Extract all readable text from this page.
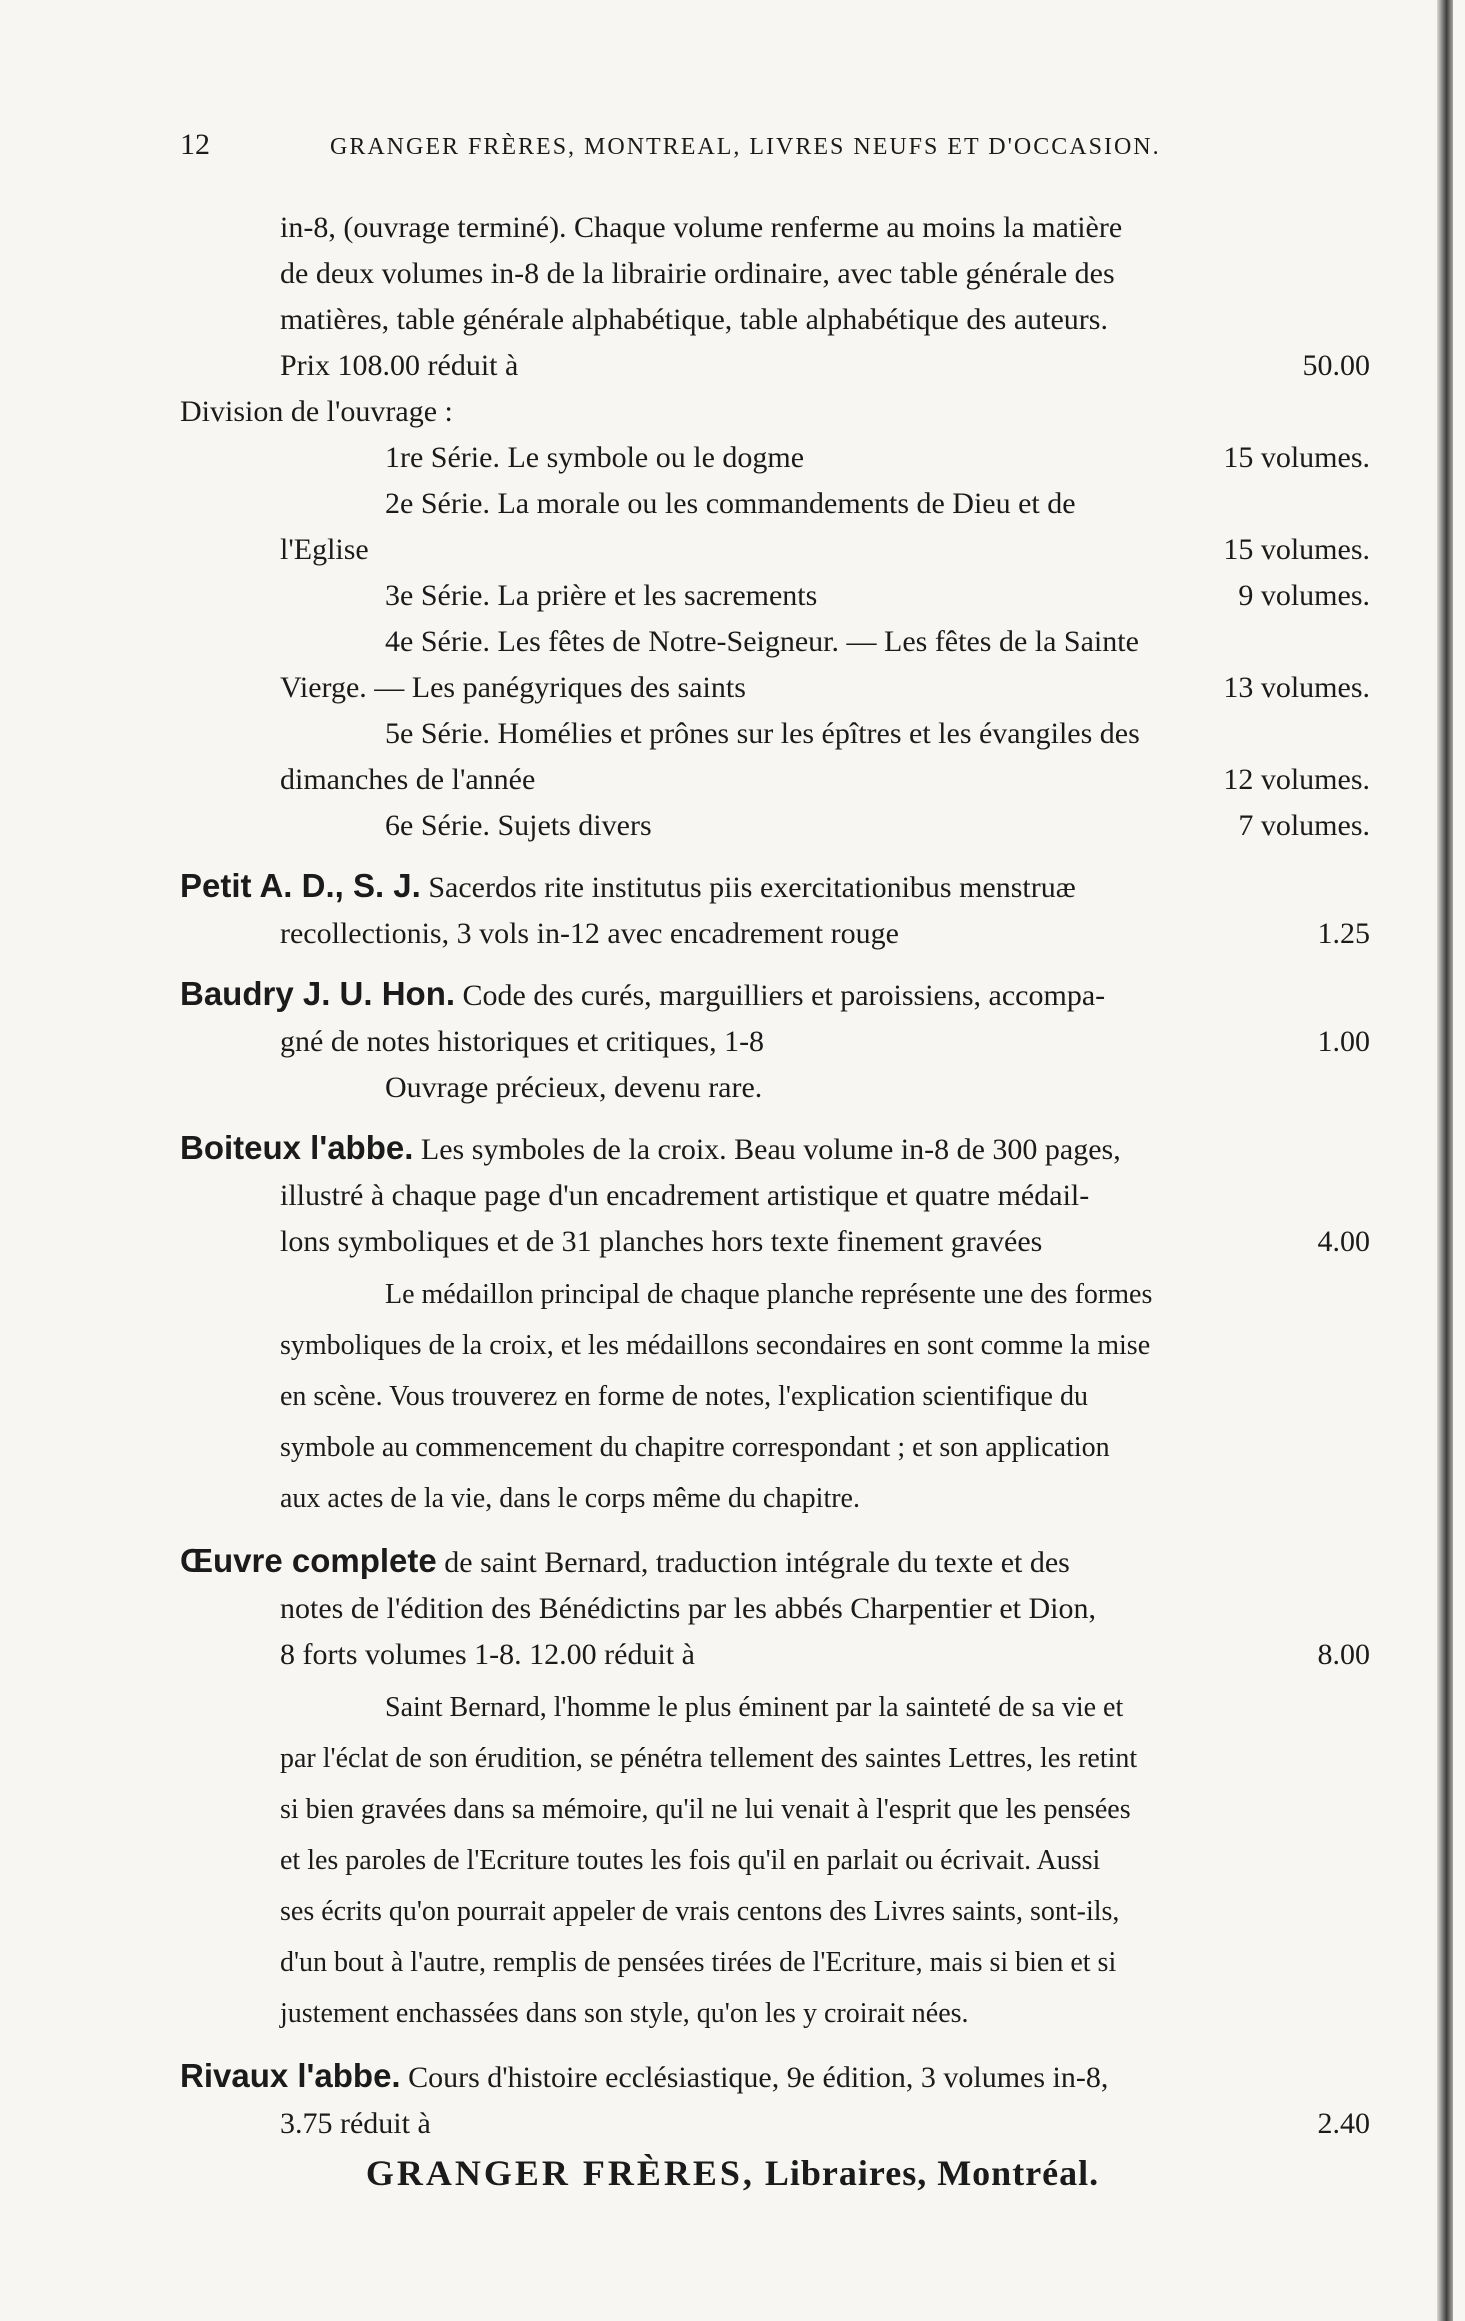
12	GRANGER FRÈRES, MONTREAL, LIVRES NEUFS ET D'OCCASION.
in-8, (ouvrage terminé). Chaque volume renferme au moins la matière
de deux volumes in-8 de la librairie ordinaire, avec table générale des
matières, table générale alphabétique, table alphabétique des auteurs.
Prix 108.00 réduit à	50.00
Division de l'ouvrage :
1re Série. Le symbole ou le dogme	15 volumes.
2e Série. La morale ou les commandements de Dieu et de
l'Eglise	15 volumes.
3e Série. La prière et les sacrements	9 volumes.
4e Série. Les fêtes de Notre-Seigneur. — Les fêtes de la Sainte
Vierge. — Les panégyriques des saints	13 volumes.
5e Série. Homélies et prônes sur les épîtres et les évangiles des
dimanches de l'année	12 volumes.
6e Série. Sujets divers	7 volumes.
Petit A. D., S. J. Sacerdos rite institutus piis exercitationibus menstruæ
recollectionis, 3 vols in-12 avec encadrement rouge	1.25
Baudry J. U. Hon. Code des curés, marguilliers et paroissiens, accompa-
gné de notes historiques et critiques, 1-8	1.00
Ouvrage précieux, devenu rare.
Boiteux l'abbe. Les symboles de la croix. Beau volume in-8 de 300 pages,
illustré à chaque page d'un encadrement artistique et quatre médail-
lons symboliques et de 31 planches hors texte finement gravées	4.00
Le médaillon principal de chaque planche représente une des formes
symboliques de la croix, et les médaillons secondaires en sont comme la mise
en scène. Vous trouverez en forme de notes, l'explication scientifique du
symbole au commencement du chapitre correspondant ; et son application
aux actes de la vie, dans le corps même du chapitre.
Œuvre complete de saint Bernard, traduction intégrale du texte et des
notes de l'édition des Bénédictins par les abbés Charpentier et Dion,
8 forts volumes 1-8. 12.00 réduit à	8.00
Saint Bernard, l'homme le plus éminent par la sainteté de sa vie et
par l'éclat de son érudition, se pénétra tellement des saintes Lettres, les retint
si bien gravées dans sa mémoire, qu'il ne lui venait à l'esprit que les pensées
et les paroles de l'Ecriture toutes les fois qu'il en parlait ou écrivait. Aussi
ses écrits qu'on pourrait appeler de vrais centons des Livres saints, sont-ils,
d'un bout à l'autre, remplis de pensées tirées de l'Ecriture, mais si bien et si
justement enchassées dans son style, qu'on les y croirait nées.
Rivaux l'abbe. Cours d'histoire ecclésiastique, 9e édition, 3 volumes in-8,
3.75 réduit à	2.40
GRANGER FRÈRES, Libraires, Montréal.
